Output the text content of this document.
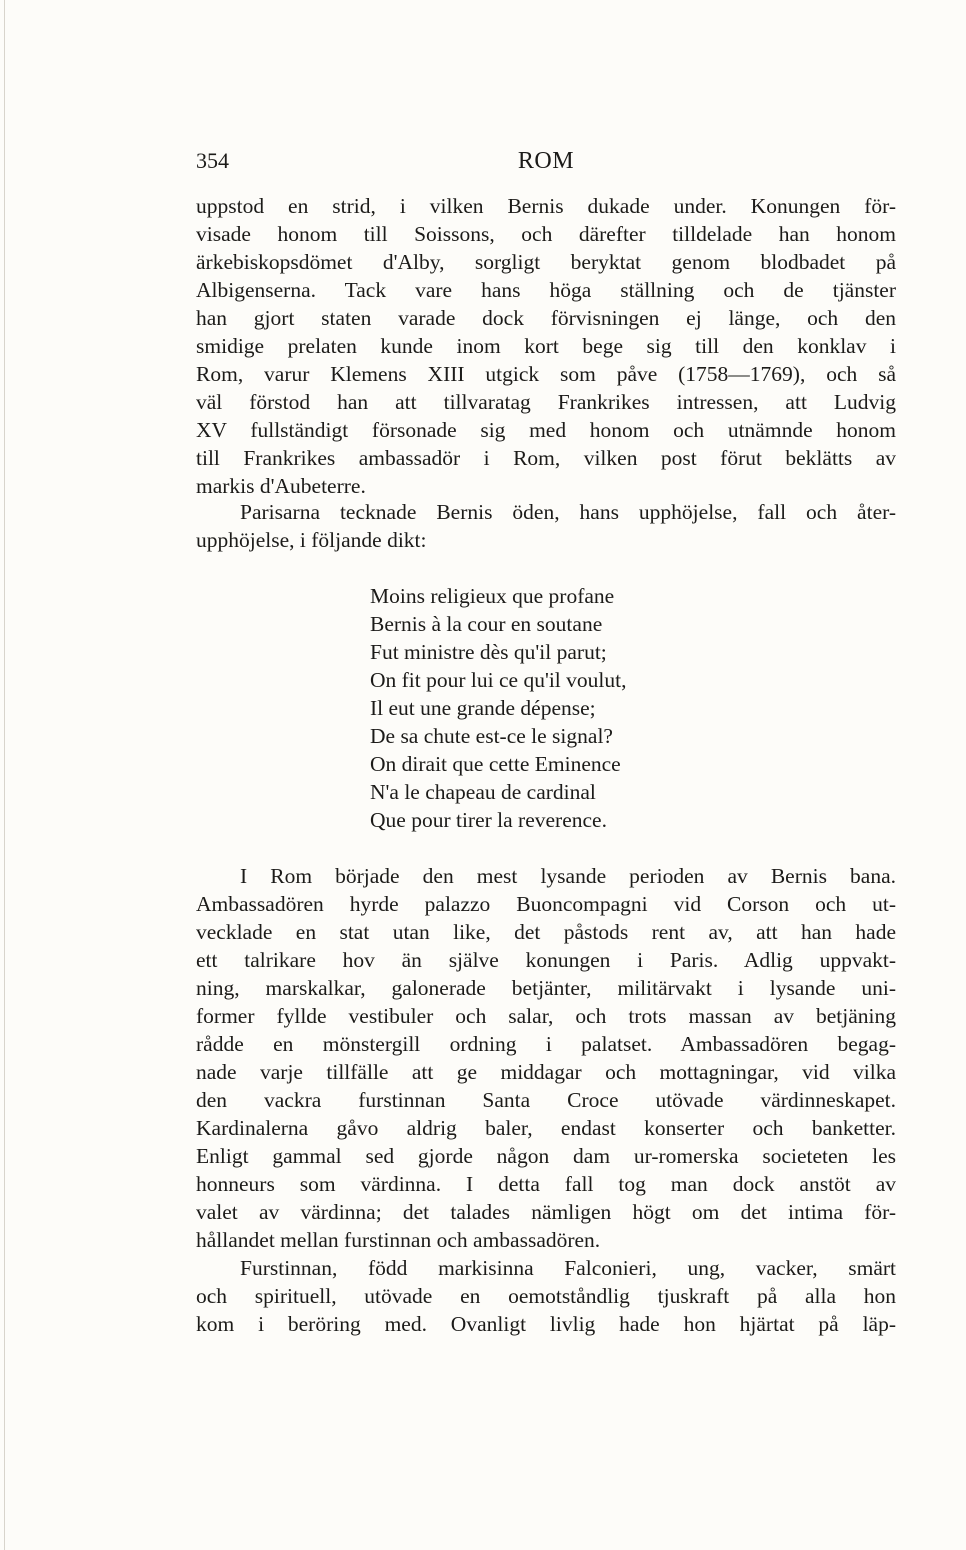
354	ROM
uppstod en strid, i vilken Bernis dukade under. Konungen för-
visade honom till Soissons, och därefter tilldelade han honom
ärkebiskopsdömet d'Alby, sorgligt beryktat genom blodbadet på
Albigenserna. Tack vare hans höga ställning och de tjänster
han gjort staten varade dock förvisningen ej länge, och den
smidige prelaten kunde inom kort bege sig till den konklav i
Rom, varur Klemens XIII utgick som påve (1758—1769), och så
väl förstod han att tillvaratag Frankrikes intressen, att Ludvig
XV fullständigt försonade sig med honom och utnämnde honom
till Frankrikes ambassadör i Rom, vilken post förut beklätts av
markis d'Aubeterre.
Parisarna tecknade Bernis öden, hans upphöjelse, fall och åter-
upphöjelse, i följande dikt:
Moins religieux que profane
Bernis à la cour en soutane
Fut ministre dès qu'il parut;
On fit pour lui ce qu'il voulut,
Il eut une grande dépense;
De sa chute est-ce le signal?
On dirait que cette Eminence
N'a le chapeau de cardinal
Que pour tirer la reverence.
I Rom började den mest lysande perioden av Bernis bana.
Ambassadören hyrde palazzo Buoncompagni vid Corson och ut-
vecklade en stat utan like, det påstods rent av, att han hade
ett talrikare hov än själve konungen i Paris. Adlig uppvakt-
ning, marskalkar, galonerade betjänter, militärvakt i lysande uni-
former fyllde vestibuler och salar, och trots massan av betjäning
rådde en mönstergill ordning i palatset. Ambassadören begag-
nade varje tillfälle att ge middagar och mottagningar, vid vilka
den vackra furstinnan Santa Croce utövade värdinneskapet.
Kardinalerna gåvo aldrig baler, endast konserter och banketter.
Enligt gammal sed gjorde någon dam ur-romerska societeten les
honneurs som värdinna. I detta fall tog man dock anstöt av
valet av värdinna; det talades nämligen högt om det intima för-
hållandet mellan furstinnan och ambassadören.
Furstinnan, född markisinna Falconieri, ung, vacker, smärt
och spirituell, utövade en oemotståndlig tjuskraft på alla hon
kom i beröring med. Ovanligt livlig hade hon hjärtat på läp-
